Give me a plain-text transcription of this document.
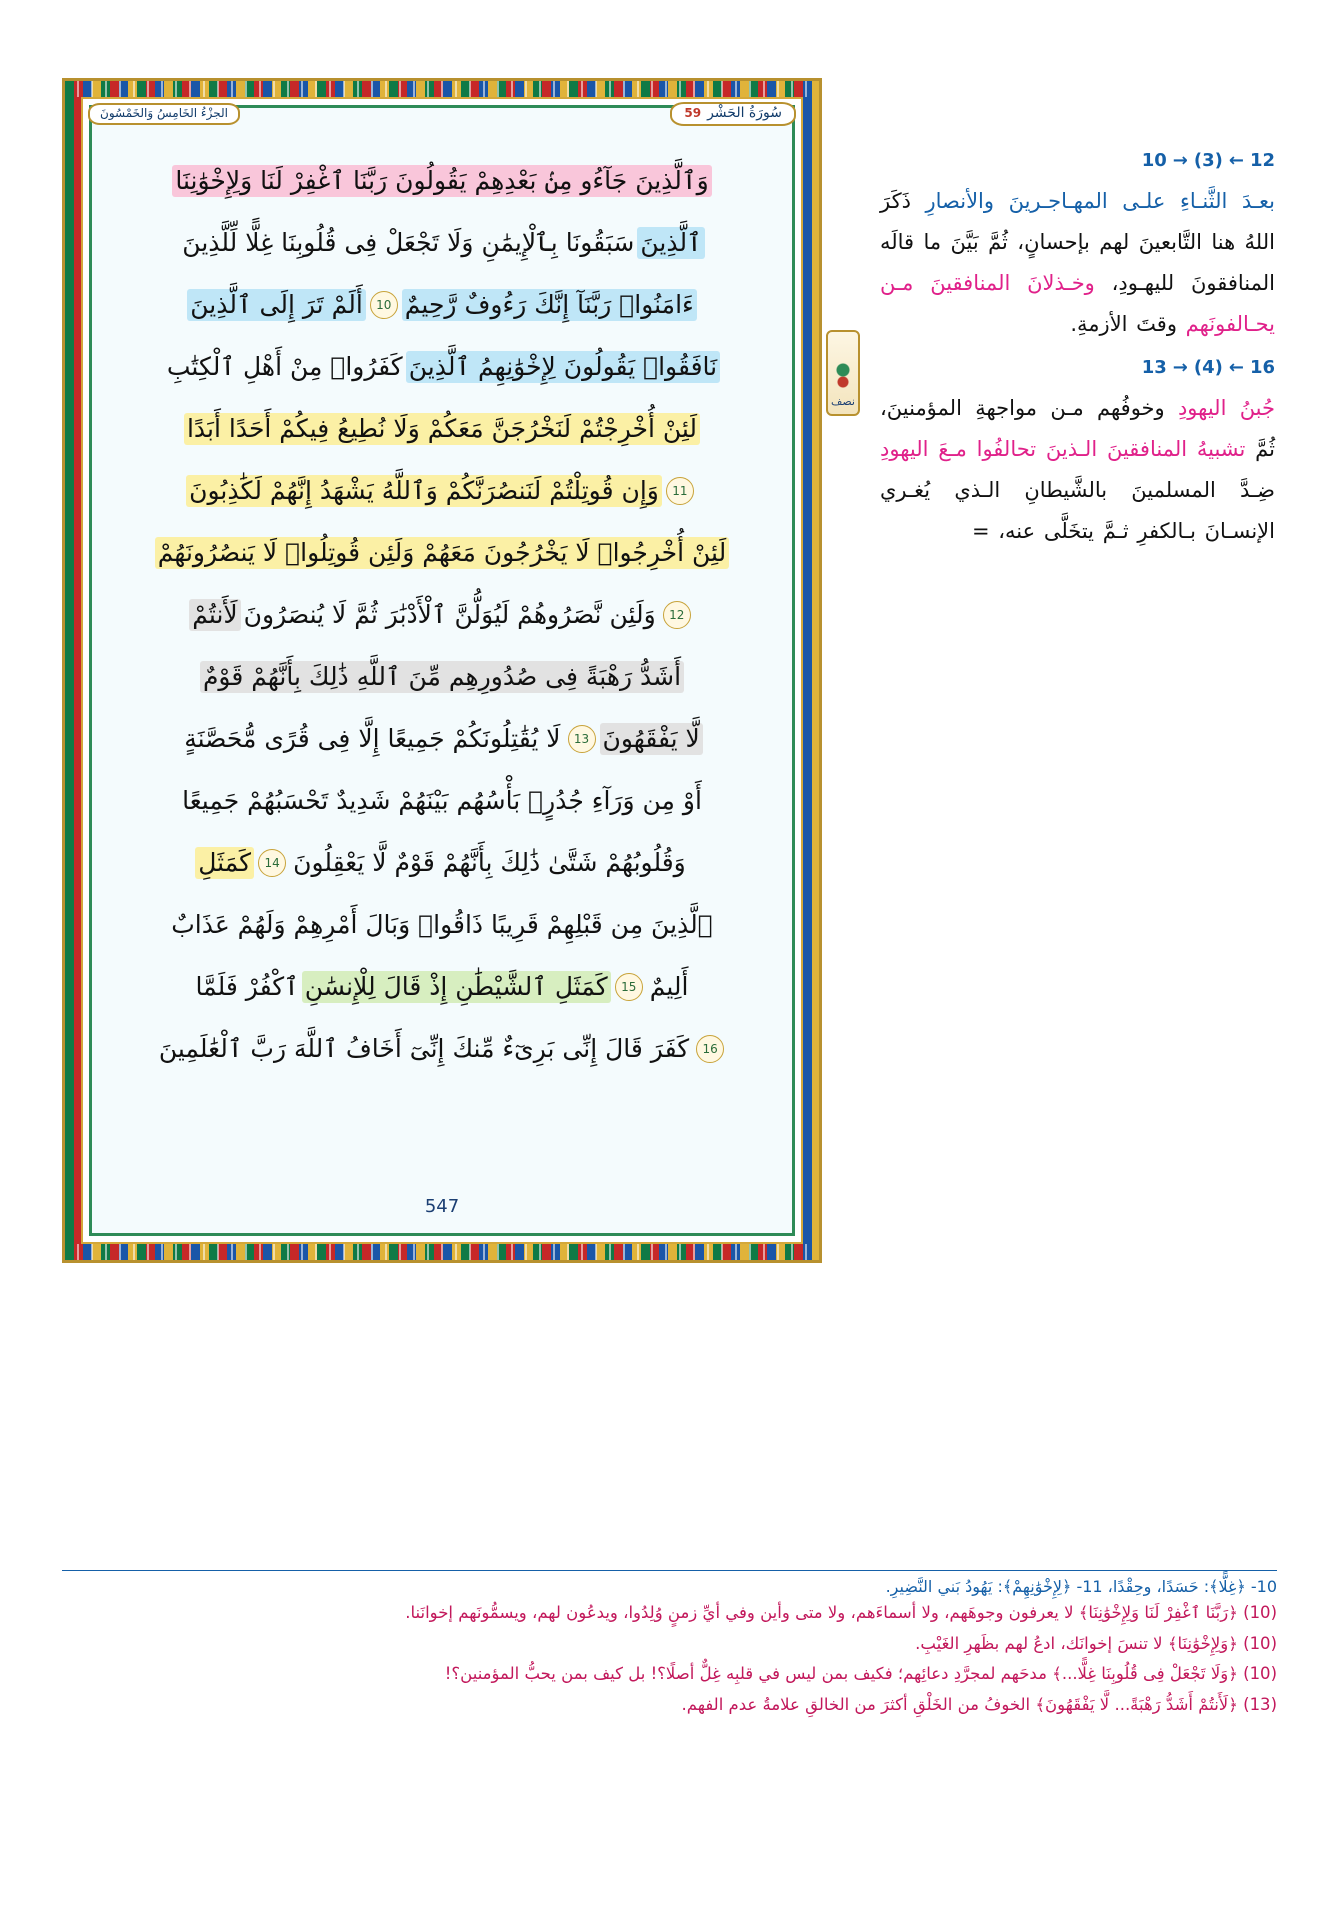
547
سُورَةُ الحَشْر
59
الجزْءُ الخَامِسُ وَالخَمْسُونَ
نصف
وَٱلَّذِينَ جَآءُو مِنۢ بَعْدِهِمْ يَقُولُونَ رَبَّنَا ٱغْفِرْ لَنَا وَلِإِخْوَٰنِنَا
ٱلَّذِينَ
سَبَقُونَا بِٱلْإِيمَٰنِ وَلَا تَجْعَلْ فِى قُلُوبِنَا غِلًّا لِّلَّذِينَ
ءَامَنُوا۟ رَبَّنَآ إِنَّكَ رَءُوفٌ رَّحِيمٌ
10
أَلَمْ تَرَ إِلَى ٱلَّذِينَ
نَافَقُوا۟ يَقُولُونَ لِإِخْوَٰنِهِمُ ٱلَّذِينَ
كَفَرُوا۟ مِنْ أَهْلِ ٱلْكِتَٰبِ
لَئِنْ أُخْرِجْتُمْ لَنَخْرُجَنَّ مَعَكُمْ وَلَا نُطِيعُ فِيكُمْ أَحَدًا أَبَدًا
11
وَإِن قُوتِلْتُمْ لَنَنصُرَنَّكُمْ وَٱللَّهُ يَشْهَدُ إِنَّهُمْ لَكَٰذِبُونَ
لَئِنْ أُخْرِجُوا۟ لَا يَخْرُجُونَ مَعَهُمْ وَلَئِن قُوتِلُوا۟ لَا يَنصُرُونَهُمْ
12
وَلَئِن نَّصَرُوهُمْ لَيُوَلُّنَّ ٱلْأَدْبَٰرَ ثُمَّ لَا يُنصَرُونَ
لَأَنتُمْ
أَشَدُّ رَهْبَةً فِى صُدُورِهِم مِّنَ ٱللَّهِ ذَٰلِكَ بِأَنَّهُمْ قَوْمٌ
لَّا يَفْقَهُونَ
13
لَا يُقَٰتِلُونَكُمْ جَمِيعًا إِلَّا فِى قُرًى مُّحَصَّنَةٍ
أَوْ مِن وَرَآءِ جُدُرٍۭ بَأْسُهُم بَيْنَهُمْ شَدِيدٌ تَحْسَبُهُمْ جَمِيعًا
وَقُلُوبُهُمْ شَتَّىٰ ذَٰلِكَ بِأَنَّهُمْ قَوْمٌ لَّا يَعْقِلُونَ
14
كَمَثَلِ
ٱلَّذِينَ مِن قَبْلِهِمْ قَرِيبًا ذَاقُوا۟ وَبَالَ أَمْرِهِمْ وَلَهُمْ عَذَابٌ
أَلِيمٌ
15
كَمَثَلِ ٱلشَّيْطَٰنِ إِذْ قَالَ لِلْإِنسَٰنِ
ٱكْفُرْ فَلَمَّا
16
كَفَرَ قَالَ إِنِّى بَرِىٓءٌ مِّنكَ إِنِّىٓ أَخَافُ ٱللَّهَ رَبَّ ٱلْعَٰلَمِينَ
12
←
(3)
→
10

بعـدَ الثَّنـاءِ علـى المهـاجـرينَ والأنصارِ ذَكَرَ اللهُ هنا التَّابعينَ لهم بإحسانٍ، ثُمَّ بَيَّنَ ما قالَه المنافقونَ لليهـودِ، وخـذلانَ المنافقينَ مـن يحـالفونَهم وقتَ الأزمةِ.

16
←
(4)
→
13

جُبنُ اليهودِ وخوفُهم مـن مواجهةِ المؤمنينَ، ثُمَّ تشبيهُ المنافقينَ الـذينَ تحالفُوا مـعَ اليهودِ ضِـدَّ المسلمينَ بالشَّيطانِ الـذي يُغـري الإنسـانَ بـالكفرِ ثـمَّ يتخَلَّى عنه، =

10- ﴿غِلًّا﴾: حَسَدًا، وحِقْدًا، 11- ﴿لِإِخْوَٰنِهِمْ﴾: يَهُودُ بَني النَّضِيرِ.

(10) ﴿رَبَّنَا ٱغْفِرْ لَنَا وَلِإِخْوَٰنِنَا﴾ لا يعرفون وجوهَهم، ولا أسماءَهم، ولا متى وأين وفي أيِّ زمنٍ وُلِدُوا، ويدعُون لهم، ويسمُّونَهم إخوانَنا.

(10) ﴿وَلِإِخْوَٰنِنَا﴾ لا تنسَ إخوانَك، ادعُ لهم بظَهرِ الغَيْبِ.

(10) ﴿وَلَا تَجْعَلْ فِى قُلُوبِنَا غِلًّا...﴾ مدحَهم لمجرَّدِ دعائِهم؛ فكيف بمن ليس في قلبِه غِلٌّ أصلًا؟! بل كيف بمن يحبُّ المؤمنين؟!

(13) ﴿لَأَنتُمْ أَشَدُّ رَهْبَةً... لَّا يَفْقَهُونَ﴾ الخوفُ من الخَلْقِ أكثرَ من الخالقِ علامةُ عدم الفهم.
